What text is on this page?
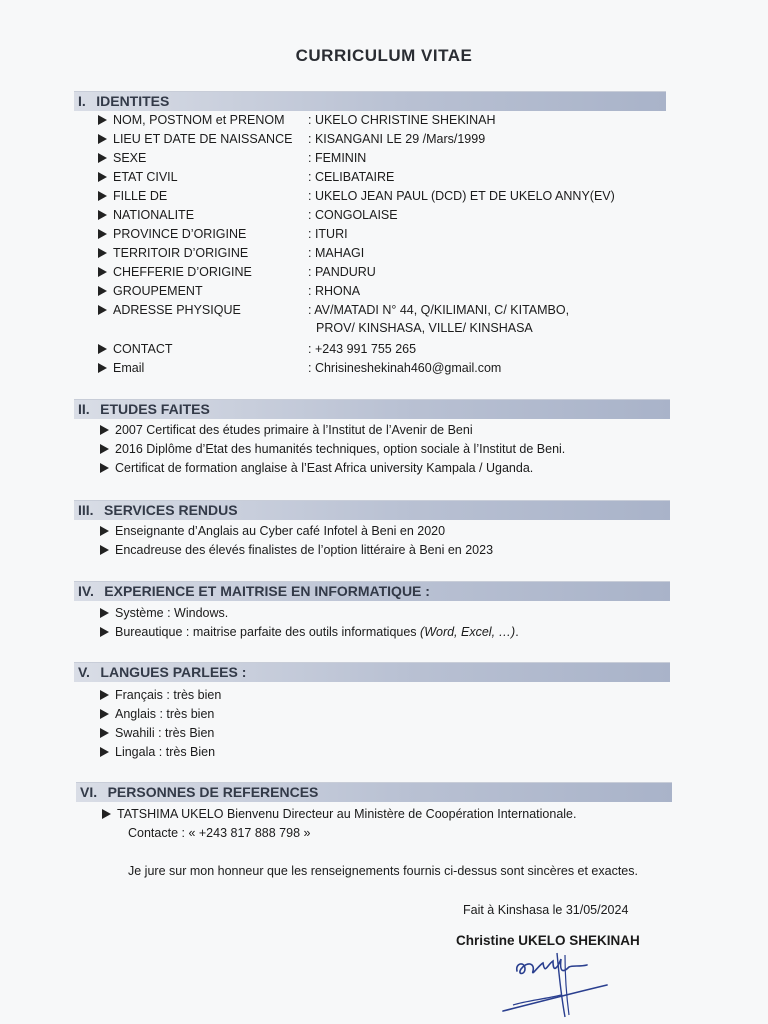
CURRICULUM VITAE
I. IDENTITES
NOM, POSTNOM et PRENOM : UKELO CHRISTINE SHEKINAH
LIEU ET DATE DE NAISSANCE : KISANGANI LE 29 /Mars/1999
SEXE	: FEMININ
ETAT CIVIL	: CELIBATAIRE
FILLE DE	: UKELO JEAN PAUL (DCD) ET DE UKELO ANNY(EV)
NATIONALITE	: CONGOLAISE
PROVINCE D’ORIGINE	: ITURI
TERRITOIR D’ORIGINE	: MAHAGI
CHEFFERIE D’ORIGINE	: PANDURU
GROUPEMENT	: RHONA
ADRESSE PHYSIQUE	: AV/MATADI N° 44, Q/KILIMANI, C/ KITAMBO,
PROV/ KINSHASA, VILLE/ KINSHASA
CONTACT	: +243 991 755 265
Email	: Chrisineshekinah460@gmail.com
II. ETUDES FAITES
2007 Certificat des études primaire à l’Institut de l’Avenir de Beni
2016 Diplôme d’Etat des humanités techniques, option sociale à l’Institut de Beni.
Certificat de formation anglaise à l’East Africa university Kampala / Uganda.
III. SERVICES RENDUS
Enseignante d’Anglais au Cyber café Infotel à Beni en 2020
Encadreuse des élevés finalistes de l’option littéraire à Beni en 2023
IV. EXPERIENCE ET MAITRISE EN INFORMATIQUE :
Système : Windows.
Bureautique : maitrise parfaite des outils informatiques (Word, Excel, …).
V. LANGUES PARLEES :
Français : très bien
Anglais : très bien
Swahili : très Bien
Lingala : très Bien
VI. PERSONNES DE REFERENCES
TATSHIMA UKELO Bienvenu Directeur au Ministère de Coopération Internationale.
Contacte : « +243 817 888 798 »
Je jure sur mon honneur que les renseignements fournis ci-dessus sont sincères et exactes.
Fait à Kinshasa le 31/05/2024
Christine UKELO SHEKINAH
